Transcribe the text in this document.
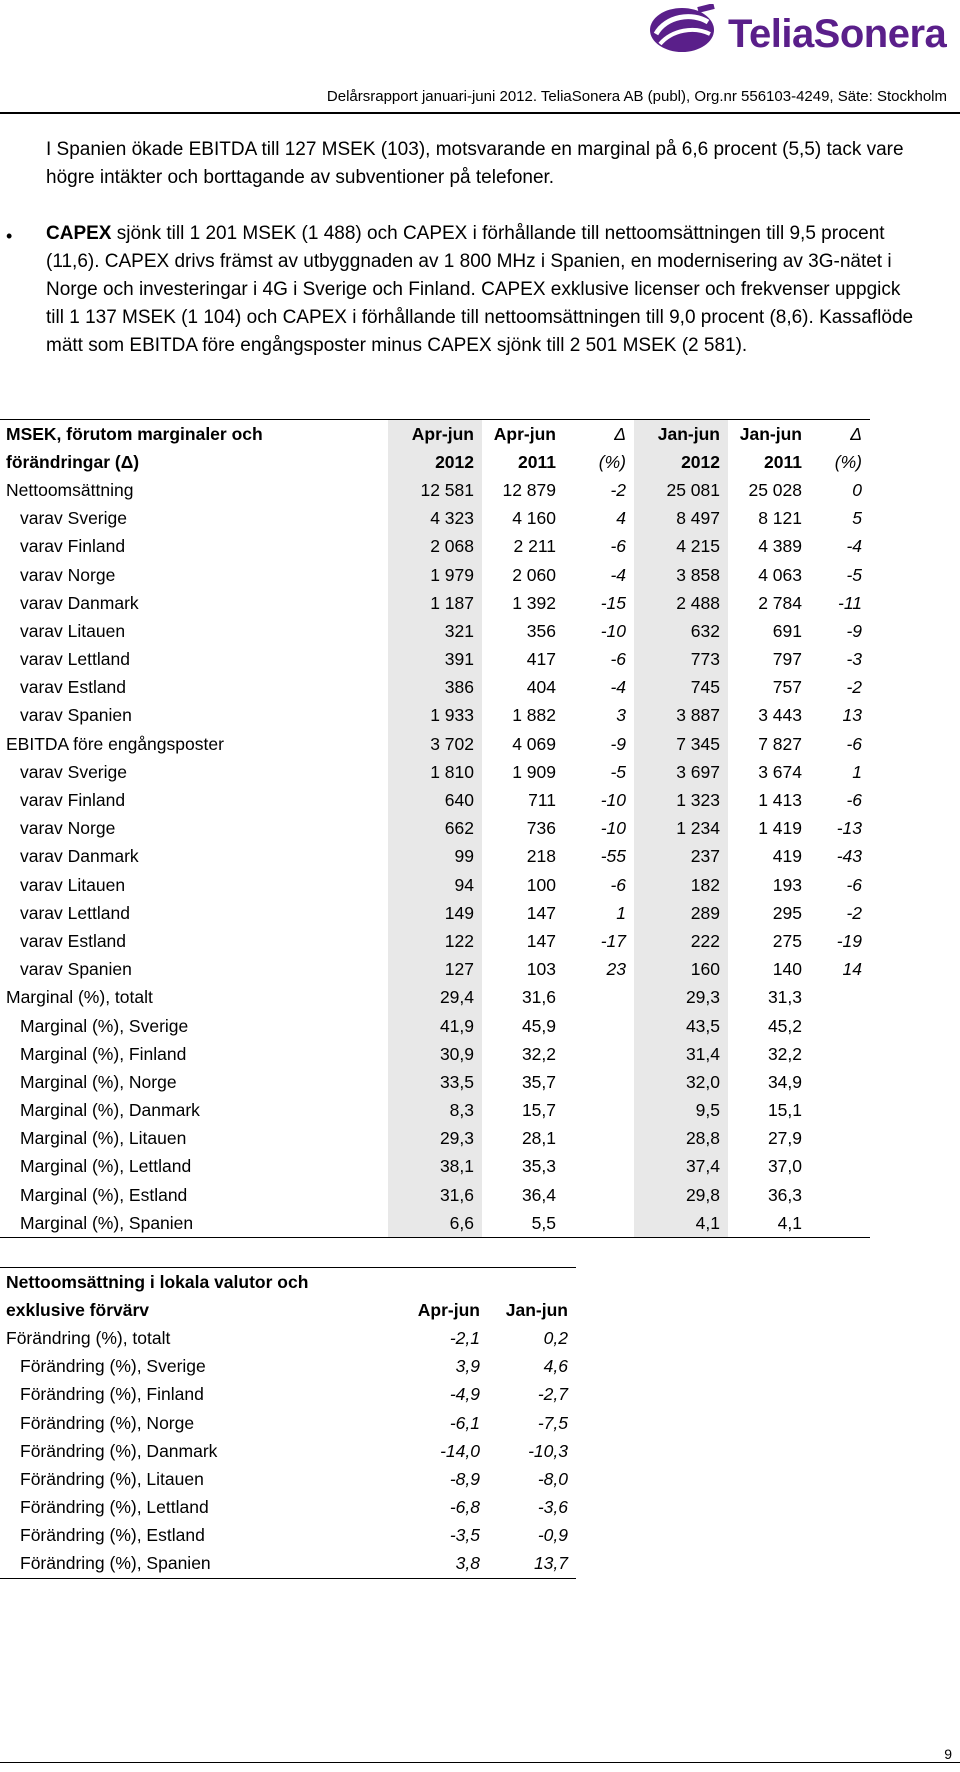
TeliaSonera
Delårsrapport januari-juni 2012. TeliaSonera AB (publ), Org.nr 556103-4249, Säte: Stockholm
I Spanien ökade EBITDA till 127 MSEK (103), motsvarande en marginal på 6,6 procent (5,5) tack vare högre intäkter och borttagande av subventioner på telefoner.
• CAPEX sjönk till 1 201 MSEK (1 488) och CAPEX i förhållande till nettoomsättningen till 9,5 procent (11,6). CAPEX drivs främst av utbyggnaden av 1 800 MHz i Spanien, en modernisering av 3G-nätet i Norge och investeringar i 4G i Sverige och Finland. CAPEX exklusive licenser och frekvenser uppgick till 1 137 MSEK (1 104) och CAPEX i förhållande till nettoomsättningen till 9,0 procent (8,6). Kassaflöde mätt som EBITDA före engångsposter minus CAPEX sjönk till 2 501 MSEK (2 581).
MSEK, förutom marginaler och	Apr-jun	Apr-jun	Δ	Jan-jun	Jan-jun	Δ
förändringar (Δ)	2012	2011	(%)	2012	2011	(%)
Nettoomsättning	12 581	12 879	-2	25 081	25 028	0
varav Sverige	4 323	4 160	4	8 497	8 121	5
varav Finland	2 068	2 211	-6	4 215	4 389	-4
varav Norge	1 979	2 060	-4	3 858	4 063	-5
varav Danmark	1 187	1 392	-15	2 488	2 784	-11
varav Litauen	321	356	-10	632	691	-9
varav Lettland	391	417	-6	773	797	-3
varav Estland	386	404	-4	745	757	-2
varav Spanien	1 933	1 882	3	3 887	3 443	13
EBITDA före engångsposter	3 702	4 069	-9	7 345	7 827	-6
varav Sverige	1 810	1 909	-5	3 697	3 674	1
varav Finland	640	711	-10	1 323	1 413	-6
varav Norge	662	736	-10	1 234	1 419	-13
varav Danmark	99	218	-55	237	419	-43
varav Litauen	94	100	-6	182	193	-6
varav Lettland	149	147	1	289	295	-2
varav Estland	122	147	-17	222	275	-19
varav Spanien	127	103	23	160	140	14
Marginal (%), totalt	29,4	31,6		29,3	31,3	
Marginal (%), Sverige	41,9	45,9		43,5	45,2	
Marginal (%), Finland	30,9	32,2		31,4	32,2	
Marginal (%), Norge	33,5	35,7		32,0	34,9	
Marginal (%), Danmark	8,3	15,7		9,5	15,1	
Marginal (%), Litauen	29,3	28,1		28,8	27,9	
Marginal (%), Lettland	38,1	35,3		37,4	37,0	
Marginal (%), Estland	31,6	36,4		29,8	36,3	
Marginal (%), Spanien	6,6	5,5		4,1	4,1	
Nettoomsättning i lokala valutor och		
exklusive förvärv	Apr-jun	Jan-jun
Förändring (%), totalt	-2,1	0,2
Förändring (%), Sverige	3,9	4,6
Förändring (%), Finland	-4,9	-2,7
Förändring (%), Norge	-6,1	-7,5
Förändring (%), Danmark	-14,0	-10,3
Förändring (%), Litauen	-8,9	-8,0
Förändring (%), Lettland	-6,8	-3,6
Förändring (%), Estland	-3,5	-0,9
Förändring (%), Spanien	3,8	13,7
9
